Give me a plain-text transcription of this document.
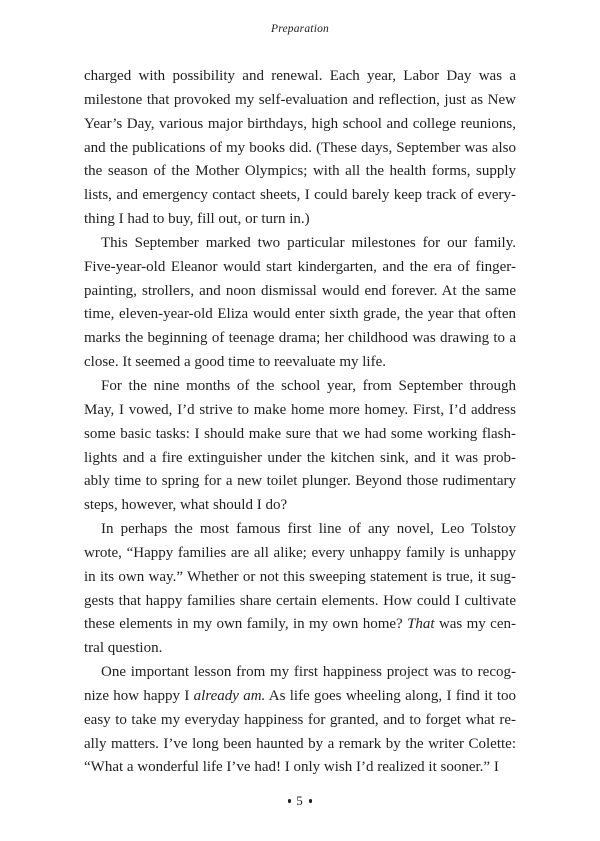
Preparation

charged with possibility and renewal. Each year, Labor Day was a milestone that provoked my self-evaluation and reflection, just as New Year’s Day, various major birthdays, high school and college reunions, and the publications of my books did. (These days, September was also the season of the Mother Olympics; with all the health forms, supply lists, and emergency contact sheets, I could barely keep track of everything I had to buy, fill out, or turn in.)

This September marked two particular milestones for our family. Five-year-old Eleanor would start kindergarten, and the era of finger-painting, strollers, and noon dismissal would end forever. At the same time, eleven-year-old Eliza would enter sixth grade, the year that often marks the beginning of teenage drama; her childhood was drawing to a close. It seemed a good time to reevaluate my life.

For the nine months of the school year, from September through May, I vowed, I’d strive to make home more homey. First, I’d address some basic tasks: I should make sure that we had some working flashlights and a fire extinguisher under the kitchen sink, and it was probably time to spring for a new toilet plunger. Beyond those rudimentary steps, however, what should I do?

In perhaps the most famous first line of any novel, Leo Tolstoy wrote, “Happy families are all alike; every unhappy family is unhappy in its own way.” Whether or not this sweeping statement is true, it suggests that happy families share certain elements. How could I cultivate these elements in my own family, in my own home? That was my central question.

One important lesson from my first happiness project was to recognize how happy I already am. As life goes wheeling along, I find it too easy to take my everyday happiness for granted, and to forget what really matters. I’ve long been haunted by a remark by the writer Colette: “What a wonderful life I’ve had! I only wish I’d realized it sooner.” I

5
